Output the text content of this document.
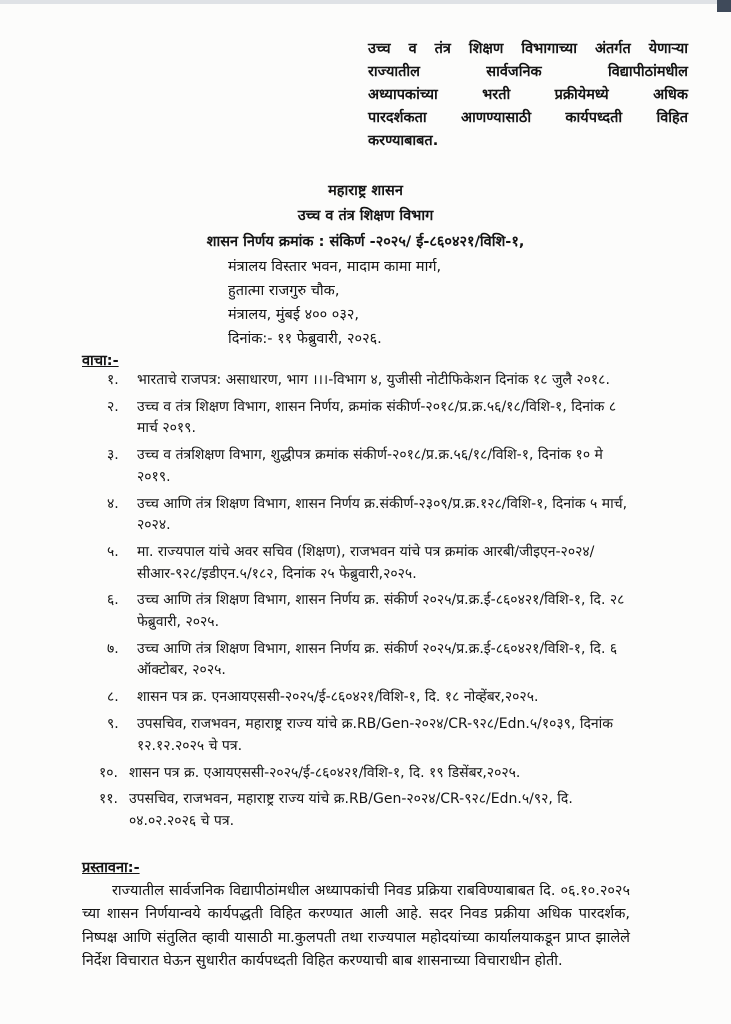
उच्च व तंत्र शिक्षण विभागाच्या अंतर्गत येणाऱ्या
राज्यातील सार्वजनिक विद्यापीठांमधील
अध्यापकांच्या भरती प्रक्रीयेमध्ये अधिक
पारदर्शकता आणण्यासाठी कार्यपध्दती विहित
करण्याबाबत.
महाराष्ट्र शासन
उच्च व तंत्र शिक्षण विभाग
शासन निर्णय क्रमांक : संकिर्ण -२०२५/ ई-८६०४२१/विशि-१,
मंत्रालय विस्तार भवन, मादाम कामा मार्ग,
हुतात्मा राजगुरु चौक,
मंत्रालय, मुंबई ४०० ०३२,
दिनांक:- ११ फेब्रुवारी, २०२६.
वाचा:-
१. भारताचे राजपत्र: असाधारण, भाग ।।।-विभाग ४, युजीसी नोटीफिकेशन दिनांक १८ जुलै २०१८.
२. उच्च व तंत्र शिक्षण विभाग, शासन निर्णय, क्रमांक संकीर्ण-२०१८/प्र.क्र.५६/१८/विशि-१, दिनांक ८ मार्च २०१९.
३. उच्च व तंत्रशिक्षण विभाग, शुद्धीपत्र क्रमांक संकीर्ण-२०१८/प्र.क्र.५६/१८/विशि-१, दिनांक १० मे २०१९.
४. उच्च आणि तंत्र शिक्षण विभाग, शासन निर्णय क्र.संकीर्ण-२३०९/प्र.क्र.१२८/विशि-१, दिनांक ५ मार्च, २०२४.
५. मा. राज्यपाल यांचे अवर सचिव (शिक्षण), राजभवन यांचे पत्र क्रमांक आरबी/जीइएन-२०२४/सीआर-९२८/इडीएन.५/१८२, दिनांक २५ फेब्रुवारी,२०२५.
६. उच्च आणि तंत्र शिक्षण विभाग, शासन निर्णय क्र. संकीर्ण २०२५/प्र.क्र.ई-८६०४२१/विशि-१, दि. २८ फेब्रुवारी, २०२५.
७. उच्च आणि तंत्र शिक्षण विभाग, शासन निर्णय क्र. संकीर्ण २०२५/प्र.क्र.ई-८६०४२१/विशि-१, दि. ६ ऑक्टोबर, २०२५.
८. शासन पत्र क्र. एनआयएससी-२०२५/ई-८६०४२१/विशि-१, दि. १८ नोव्हेंबर,२०२५.
९. उपसचिव, राजभवन, महाराष्ट्र राज्य यांचे क्र.RB/Gen-२०२४/CR-९२८/Edn.५/१०३९, दिनांक १२.१२.२०२५ चे पत्र.
१०. शासन पत्र क्र. एआयएससी-२०२५/ई-८६०४२१/विशि-१, दि. १९ डिसेंबर,२०२५.
११. उपसचिव, राजभवन, महाराष्ट्र राज्य यांचे क्र.RB/Gen-२०२४/CR-९२८/Edn.५/९२, दि. ०४.०२.२०२६ चे पत्र.
प्रस्तावना:-

राज्यातील सार्वजनिक विद्यापीठांमधील अध्यापकांची निवड प्रक्रिया राबविण्याबाबत दि. ०६.१०.२०२५ च्या शासन निर्णयान्वये कार्यपद्धती विहित करण्यात आली आहे. सदर निवड प्रक्रीया अधिक पारदर्शक, निष्पक्ष आणि संतुलित व्हावी यासाठी मा.कुलपती तथा राज्यपाल महोदयांच्या कार्यालयाकडून प्राप्त झालेले निर्देश विचारात घेऊन सुधारीत कार्यपध्दती विहित करण्याची बाब शासनाच्या विचाराधीन होती.
